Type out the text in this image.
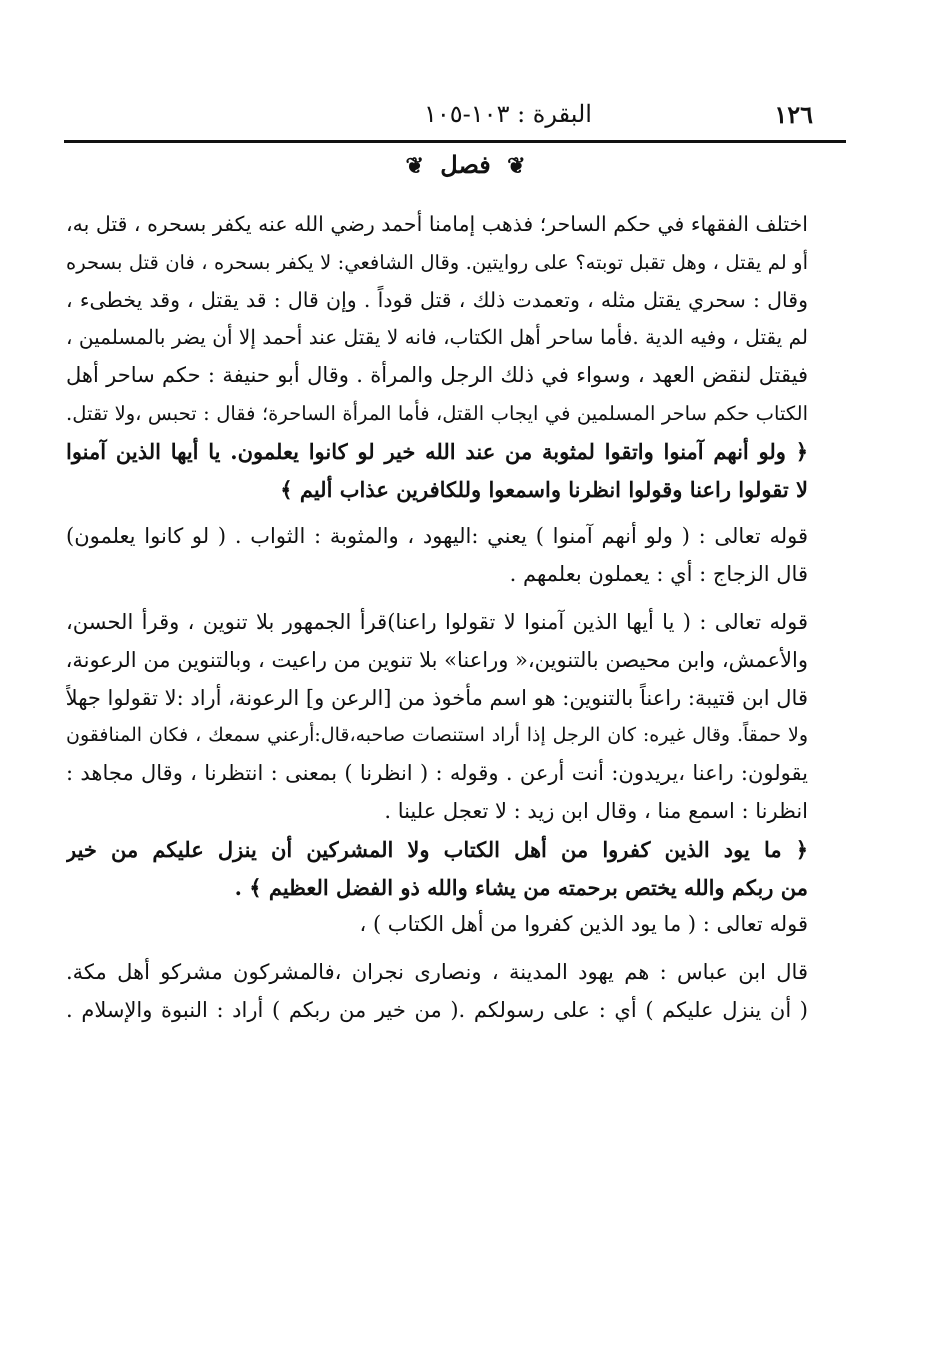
١٢٦
البقرة : ١٠٣-١٠٥
❦ فصل ❦
اختلف الفقهاء في حكم الساحر؛ فذهب إمامنا أحمد رضي الله عنه يكفر بسحره ، قتل به،
أو لم يقتل ، وهل تقبل توبته؟ على روايتين. وقال الشافعي: لا يكفر بسحره ، فان قتل بسحره
وقال : سحري يقتل مثله ، وتعمدت ذلك ، قتل قوداً . وإن قال : قد يقتل ، وقد يخطىء ،
لم يقتل ، وفيه الدية .فأما ساحر أهل الكتاب، فانه لا يقتل عند أحمد إلا أن يضر بالمسلمين ،
فيقتل لنقض العهد ، وسواء في ذلك الرجل والمرأة . وقال أبو حنيفة : حكم ساحر أهل
الكتاب حكم ساحر المسلمين في ايجاب القتل، فأما المرأة الساحرة؛ فقال : تحبس ،ولا تقتل.
﴿ ولو أنهم آمنوا واتقوا لمثوبة من عند الله خير لو كانوا يعلمون. يا أيها الذين آمنوا
لا تقولوا راعنا وقولوا انظرنا واسمعوا وللكافرين عذاب أليم ﴾
قوله تعالى : ( ولو أنهم آمنوا ) يعني :اليهود ، والمثوبة : الثواب . ( لو كانوا يعلمون)
قال الزجاج : أي : يعملون بعلمهم .
قوله تعالى : ( يا أيها الذين آمنوا لا تقولوا راعنا)قرأ الجمهور بلا تنوين ، وقرأ الحسن،
والأعمش، وابن محيصن بالتنوين،« وراعنا» بلا تنوين من راعيت ، وبالتنوين من الرعونة،
قال ابن قتيبة: راعناً بالتنوين: هو اسم مأخوذ من [الرعن و] الرعونة، أراد :لا تقولوا جهلاً
ولا حمقاً. وقال غيره: كان الرجل إذا أراد استنصات صاحبه،قال:أرعني سمعك ، فكان المنافقون
يقولون: راعنا ،يريدون: أنت أرعن . وقوله : ( انظرنا ) بمعنى : انتظرنا ، وقال مجاهد :
انظرنا : اسمع منا ، وقال ابن زيد : لا تعجل علينا .
﴿ ما يود الذين كفروا من أهل الكتاب ولا المشركين أن ينزل عليكم من خير
من ربكم والله يختص برحمته من يشاء والله ذو الفضل العظيم ﴾ .
قوله تعالى : ( ما يود الذين كفروا من أهل الكتاب ) ،
قال ابن عباس : هم يهود المدينة ، ونصارى نجران ،فالمشركون مشركو أهل مكة.
( أن ينزل عليكم ) أي : على رسولكم .( من خير من ربكم ) أراد : النبوة والإسلام .
